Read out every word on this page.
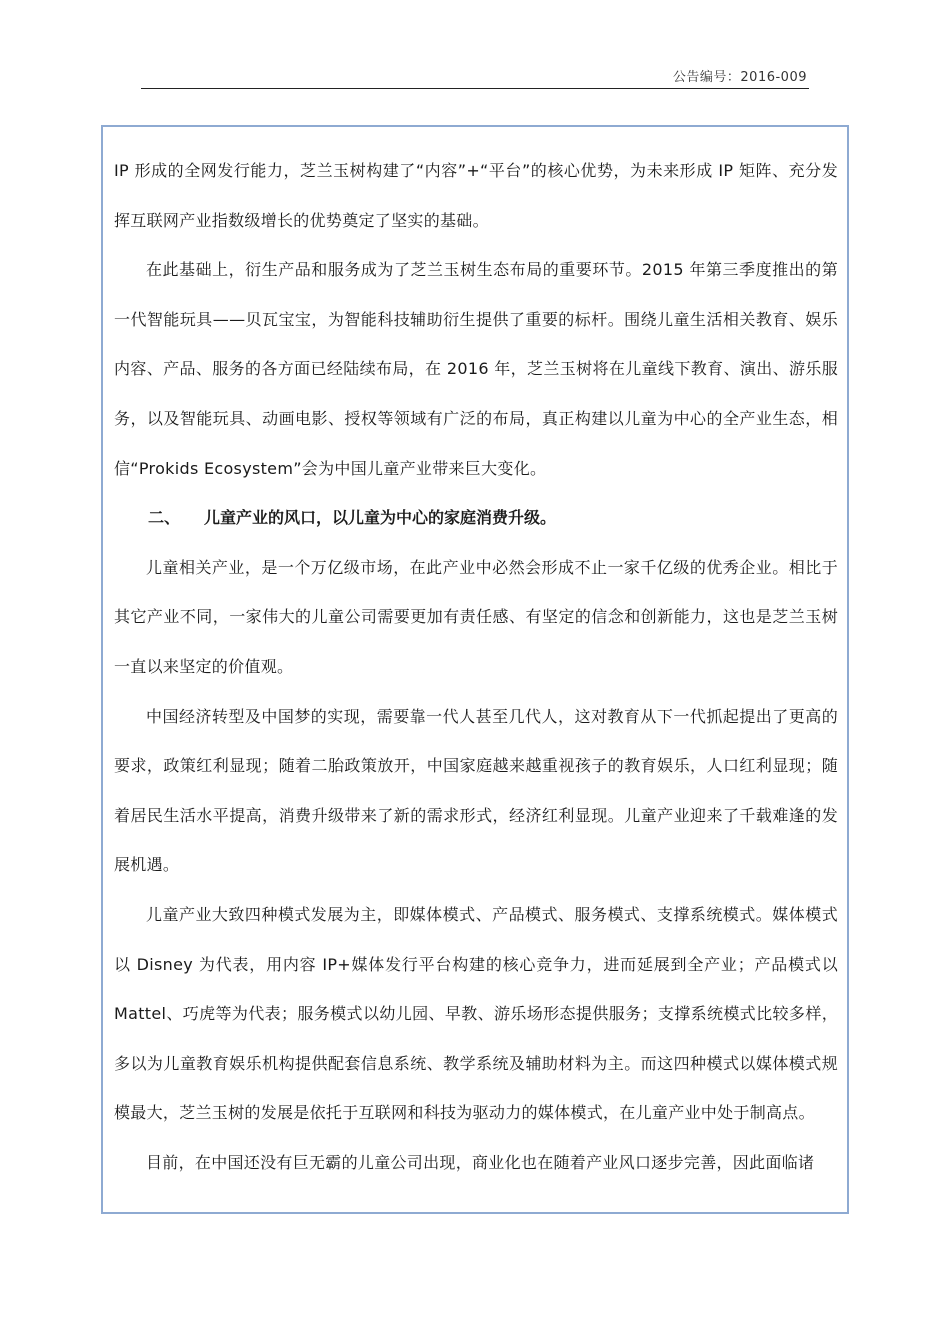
公告编号：2016-009

IP 形成的全网发行能力，芝兰玉树构建了“内容”+“平台”的核心优势，为未来形成 IP 矩阵、充分发挥互联网产业指数级增长的优势奠定了坚实的基础。

在此基础上，衍生产品和服务成为了芝兰玉树生态布局的重要环节。2015 年第三季度推出的第一代智能玩具——贝瓦宝宝，为智能科技辅助衍生提供了重要的标杆。围绕儿童生活相关教育、娱乐内容、产品、服务的各方面已经陆续布局，在 2016 年，芝兰玉树将在儿童线下教育、演出、游乐服务，以及智能玩具、动画电影、授权等领域有广泛的布局，真正构建以儿童为中心的全产业生态，相信“Prokids Ecosystem”会为中国儿童产业带来巨大变化。

二、 儿童产业的风口，以儿童为中心的家庭消费升级。

儿童相关产业，是一个万亿级市场，在此产业中必然会形成不止一家千亿级的优秀企业。相比于其它产业不同，一家伟大的儿童公司需要更加有责任感、有坚定的信念和创新能力，这也是芝兰玉树一直以来坚定的价值观。

中国经济转型及中国梦的实现，需要靠一代人甚至几代人，这对教育从下一代抓起提出了更高的要求，政策红利显现；随着二胎政策放开，中国家庭越来越重视孩子的教育娱乐，人口红利显现；随着居民生活水平提高，消费升级带来了新的需求形式，经济红利显现。儿童产业迎来了千载难逢的发展机遇。

儿童产业大致四种模式发展为主，即媒体模式、产品模式、服务模式、支撑系统模式。媒体模式以 Disney 为代表，用内容 IP+媒体发行平台构建的核心竞争力，进而延展到全产业；产品模式以 Mattel、巧虎等为代表；服务模式以幼儿园、早教、游乐场形态提供服务；支撑系统模式比较多样，多以为儿童教育娱乐机构提供配套信息系统、教学系统及辅助材料为主。而这四种模式以媒体模式规模最大，芝兰玉树的发展是依托于互联网和科技为驱动力的媒体模式，在儿童产业中处于制高点。

目前，在中国还没有巨无霸的儿童公司出现，商业化也在随着产业风口逐步完善，因此面临诸
